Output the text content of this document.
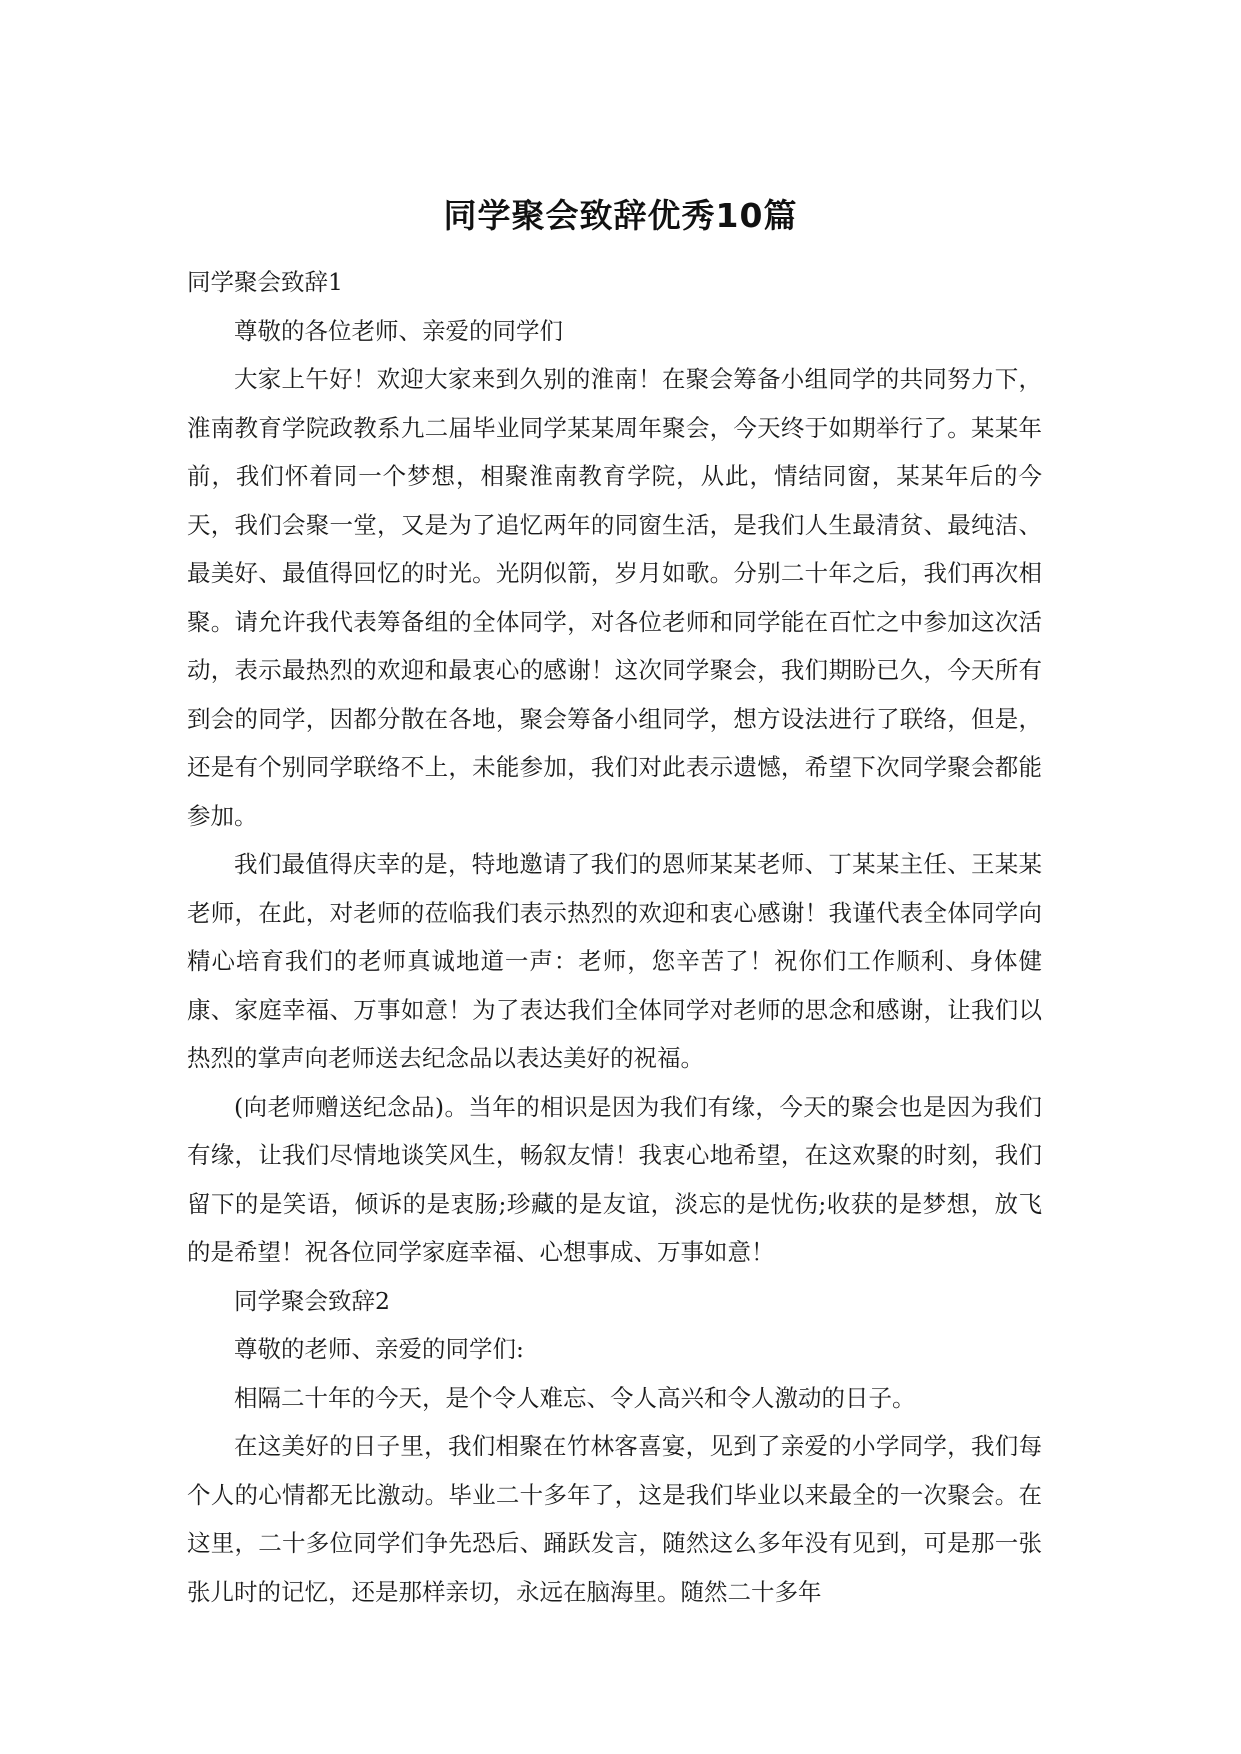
同学聚会致辞优秀10篇

同学聚会致辞1

尊敬的各位老师、亲爱的同学们

大家上午好！欢迎大家来到久别的淮南！在聚会筹备小组同学的共同努力下，淮南教育学院政教系九二届毕业同学某某周年聚会，今天终于如期举行了。某某年前，我们怀着同一个梦想，相聚淮南教育学院，从此，情结同窗，某某年后的今天，我们会聚一堂，又是为了追忆两年的同窗生活，是我们人生最清贫、最纯洁、最美好、最值得回忆的时光。光阴似箭，岁月如歌。分别二十年之后，我们再次相聚。请允许我代表筹备组的全体同学，对各位老师和同学能在百忙之中参加这次活动，表示最热烈的欢迎和最衷心的感谢！这次同学聚会，我们期盼已久，今天所有到会的同学，因都分散在各地，聚会筹备小组同学，想方设法进行了联络，但是，还是有个别同学联络不上，未能参加，我们对此表示遗憾，希望下次同学聚会都能参加。

我们最值得庆幸的是，特地邀请了我们的恩师某某老师、丁某某主任、王某某老师，在此，对老师的莅临我们表示热烈的欢迎和衷心感谢！我谨代表全体同学向精心培育我们的老师真诚地道一声：老师，您辛苦了！祝你们工作顺利、身体健康、家庭幸福、万事如意！为了表达我们全体同学对老师的思念和感谢，让我们以热烈的掌声向老师送去纪念品以表达美好的祝福。

(向老师赠送纪念品)。当年的相识是因为我们有缘，今天的聚会也是因为我们有缘，让我们尽情地谈笑风生，畅叙友情！我衷心地希望，在这欢聚的时刻，我们留下的是笑语，倾诉的是衷肠;珍藏的是友谊，淡忘的是忧伤;收获的是梦想，放飞的是希望！祝各位同学家庭幸福、心想事成、万事如意！

同学聚会致辞2

尊敬的老师、亲爱的同学们:

相隔二十年的今天，是个令人难忘、令人高兴和令人激动的日子。

在这美好的日子里，我们相聚在竹林客喜宴，见到了亲爱的小学同学，我们每个人的心情都无比激动。毕业二十多年了，这是我们毕业以来最全的一次聚会。在这里，二十多位同学们争先恐后、踊跃发言，随然这么多年没有见到，可是那一张张儿时的记忆，还是那样亲切，永远在脑海里。随然二十多年
